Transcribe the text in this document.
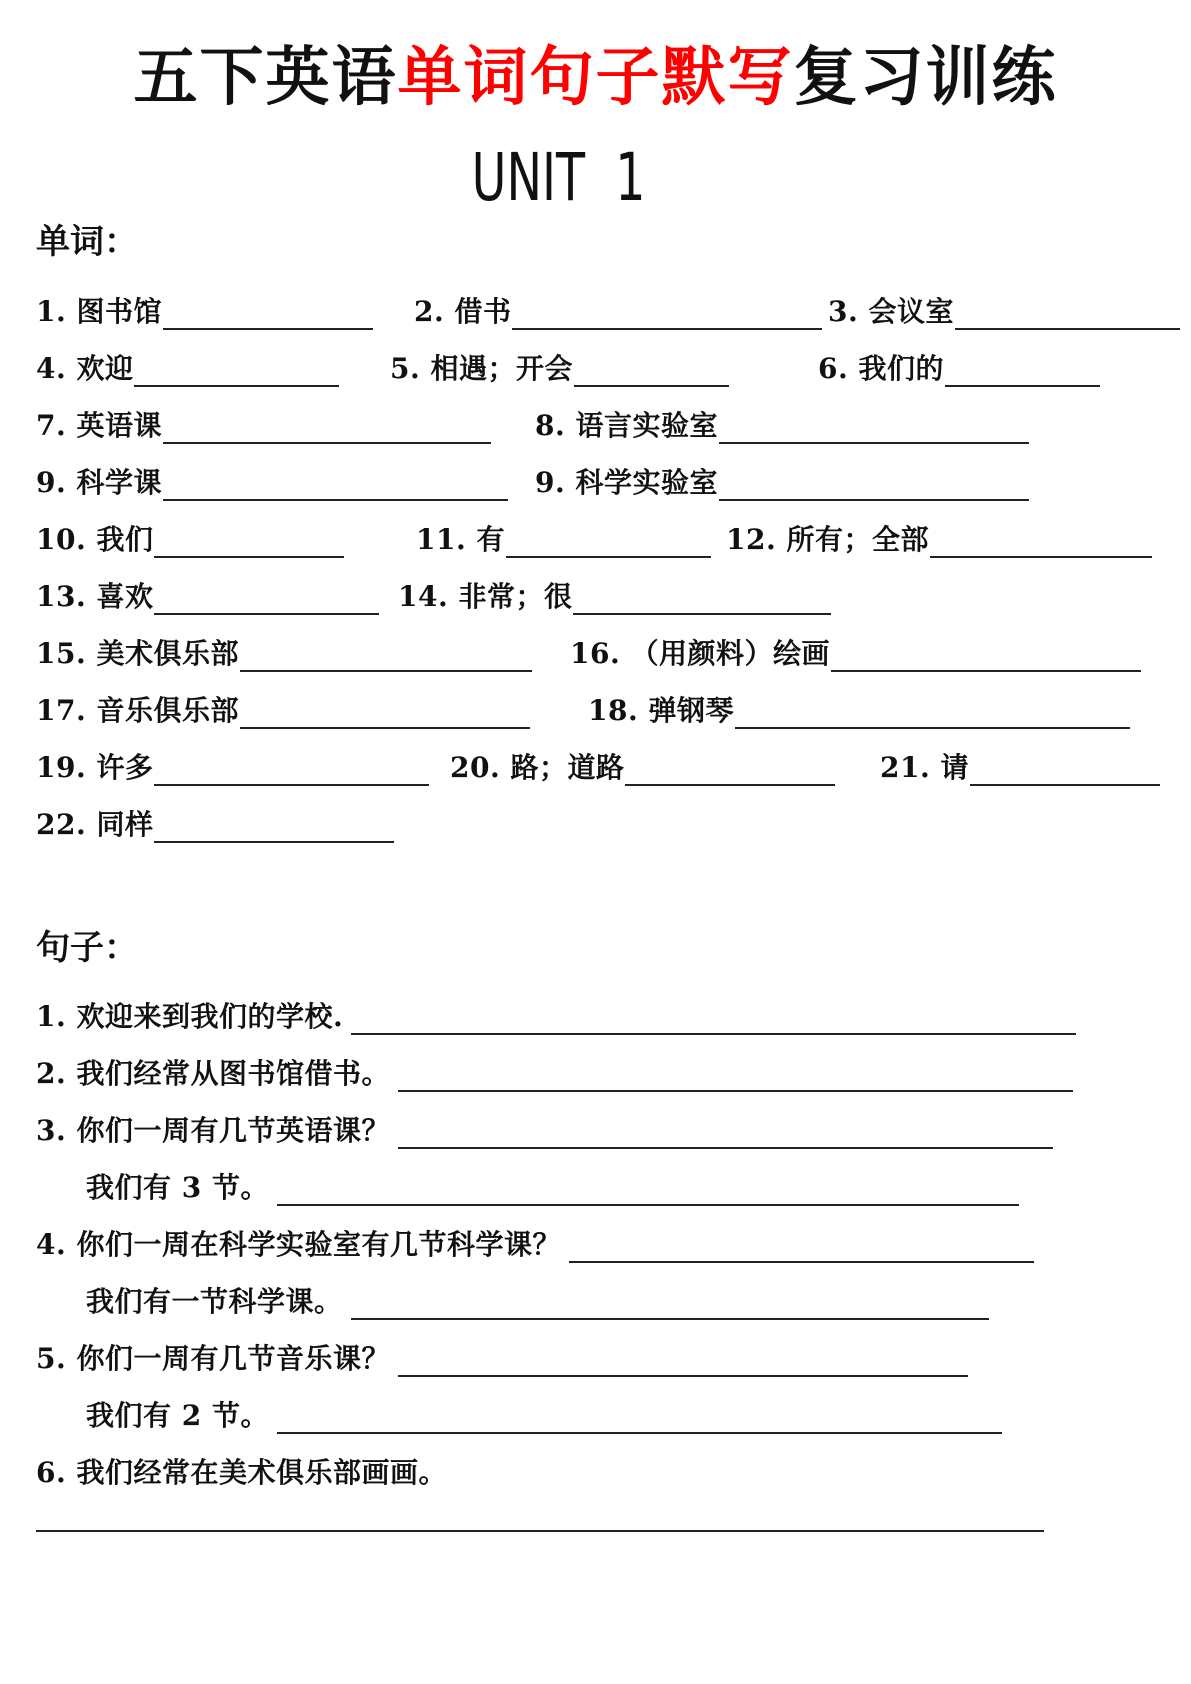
五下英语单词句子默写复习训练
UNIT  1
单词：
1. 图书馆	2. 借书	3. 会议室
4. 欢迎	5. 相遇；开会	6. 我们的
7. 英语课	8. 语言实验室
9. 科学课	9. 科学实验室
10. 我们	11. 有	12. 所有；全部
13. 喜欢	14. 非常；很
15. 美术俱乐部	16. （用颜料）绘画
17. 音乐俱乐部	18. 弹钢琴
19. 许多	20. 路；道路	21. 请
22. 同样
句子：
1. 欢迎来到我们的学校.
2. 我们经常从图书馆借书。
3. 你们一周有几节英语课？
我们有 3 节。
4. 你们一周在科学实验室有几节科学课？
我们有一节科学课。
5. 你们一周有几节音乐课？
我们有 2 节。
6. 我们经常在美术俱乐部画画。
